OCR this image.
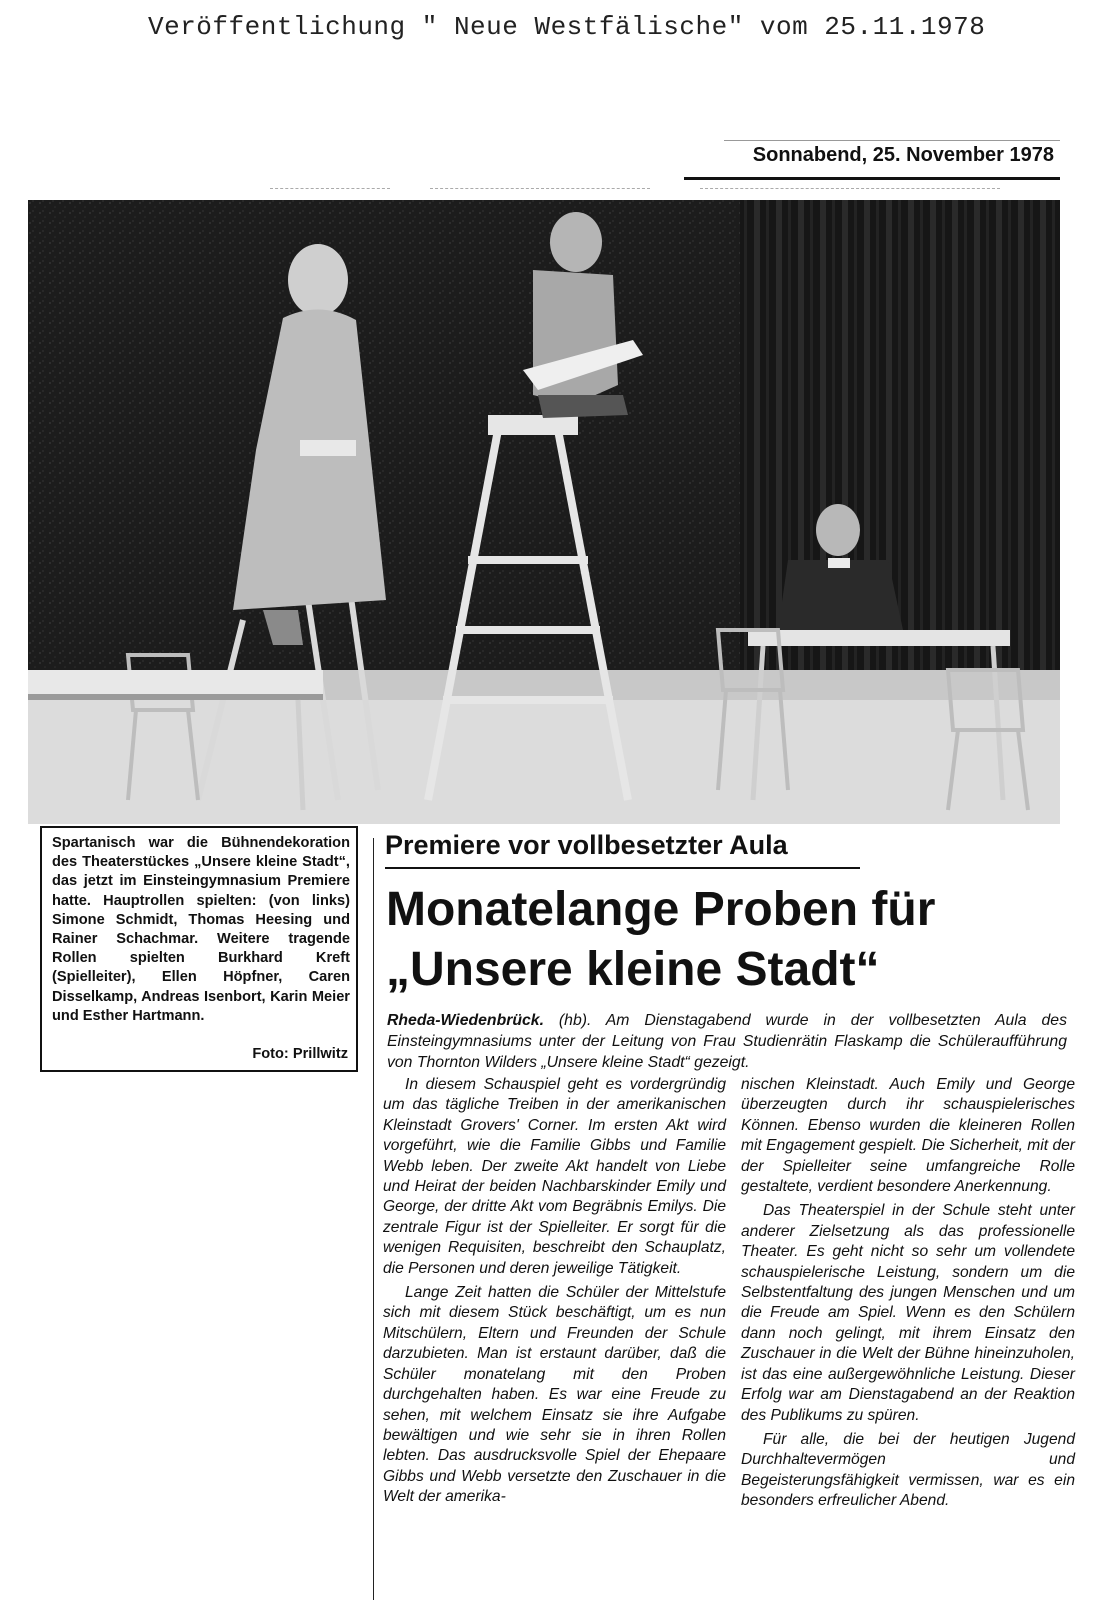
Veröffentlichung " Neue Westfälische" vom 25.11.1978
Sonnabend, 25. November 1978
Spartanisch war die Bühnendekoration des Theaterstückes „Unsere kleine Stadt“, das jetzt im Einsteingymnasium Premiere hatte. Hauptrollen spielten: (von links) Simone Schmidt, Thomas Heesing und Rainer Schachmar. Weitere tragende Rollen spielten Burkhard Kreft (Spielleiter), Ellen Höpfner, Caren Disselkamp, Andreas Isenbort, Karin Meier und Esther Hartmann.
Foto: Prillwitz
Premiere vor vollbesetzter Aula
Monatelange Proben für
„Unsere kleine Stadt“
Rheda-Wiedenbrück. (hb). Am Dienstagabend wurde in der vollbesetzten Aula des Einsteingymnasiums unter der Leitung von Frau Studienrätin Flaskamp die Schüleraufführung von Thornton Wilders „Unsere kleine Stadt“ gezeigt.

In diesem Schauspiel geht es vordergründig um das tägliche Treiben in der amerikanischen Kleinstadt Grovers' Corner. Im ersten Akt wird vorgeführt, wie die Familie Gibbs und Familie Webb leben. Der zweite Akt handelt von Liebe und Heirat der beiden Nachbarskinder Emily und George, der dritte Akt vom Begräbnis Emilys. Die zentrale Figur ist der Spielleiter. Er sorgt für die wenigen Requisiten, beschreibt den Schauplatz, die Personen und deren jeweilige Tätigkeit.

Lange Zeit hatten die Schüler der Mittelstufe sich mit diesem Stück beschäftigt, um es nun Mitschülern, Eltern und Freunden der Schule darzubieten. Man ist erstaunt darüber, daß die Schüler monatelang mit den Proben durchgehalten haben. Es war eine Freude zu sehen, mit welchem Einsatz sie ihre Aufgabe bewältigen und wie sehr sie in ihren Rollen lebten. Das ausdrucksvolle Spiel der Ehepaare Gibbs und Webb versetzte den Zuschauer in die Welt der amerika-

nischen Kleinstadt. Auch Emily und George überzeugten durch ihr schauspielerisches Können. Ebenso wurden die kleineren Rollen mit Engagement gespielt. Die Sicherheit, mit der der Spielleiter seine umfangreiche Rolle gestaltete, verdient besondere Anerkennung.

Das Theaterspiel in der Schule steht unter anderer Zielsetzung als das professionelle Theater. Es geht nicht so sehr um vollendete schauspielerische Leistung, sondern um die Selbstentfaltung des jungen Menschen und um die Freude am Spiel. Wenn es den Schülern dann noch gelingt, mit ihrem Einsatz den Zuschauer in die Welt der Bühne hineinzuholen, ist das eine außergewöhnliche Leistung. Dieser Erfolg war am Dienstagabend an der Reaktion des Publikums zu spüren.

Für alle, die bei der heutigen Jugend Durchhaltevermögen und Begeisterungsfähigkeit vermissen, war es ein besonders erfreulicher Abend.
